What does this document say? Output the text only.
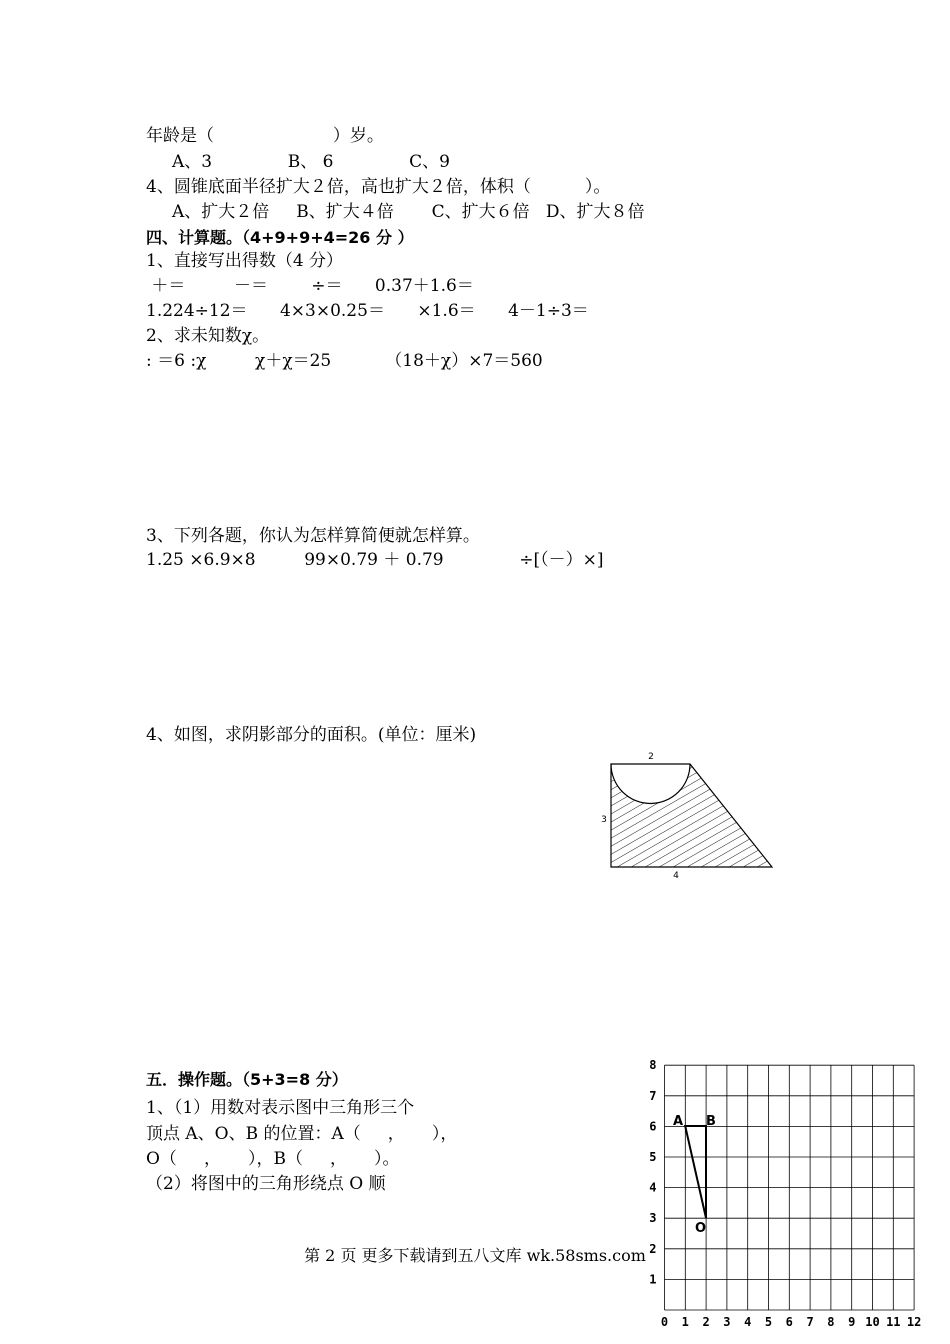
年龄是（                      ）岁。
A、3              B、 6              C、9
4、圆锥底面半径扩大２倍，高也扩大２倍，体积（          ）。
A、扩大２倍     B、扩大４倍       C、扩大６倍   D、扩大８倍
四、计算题。（4+9+9+4=26 分 ）
1、直接写出得数（4 分）
＋＝         －＝        ÷＝      0.37＋1.6＝
1.224÷12＝      4×3×0.25＝      ×1.6＝      4－1÷3＝
2、求未知数χ。
: ＝6 :χ         χ＋χ＝25          （18＋χ）×7＝560
3、下列各题，你认为怎样算简便就怎样算。
1.25 ×6.9×8         99×0.79 ＋ 0.79              ÷[（－）×]
4、如图，求阴影部分的面积。(单位：厘米)
2
3
4
五．操作题。（5+3=8 分）
1、（1）用数对表示图中三角形三个
顶点 A、O、B 的位置：A（     ，     ），
O（     ，     ），B（     ，     ）。
（2）将图中的三角形绕点 O 顺
0 1 2 3 4 5 6 7 8 9 10 11 12
1
2
3
4
5
6
7
8
A B
O
第 2 页 更多下载请到五八文库 wk.58sms.com
